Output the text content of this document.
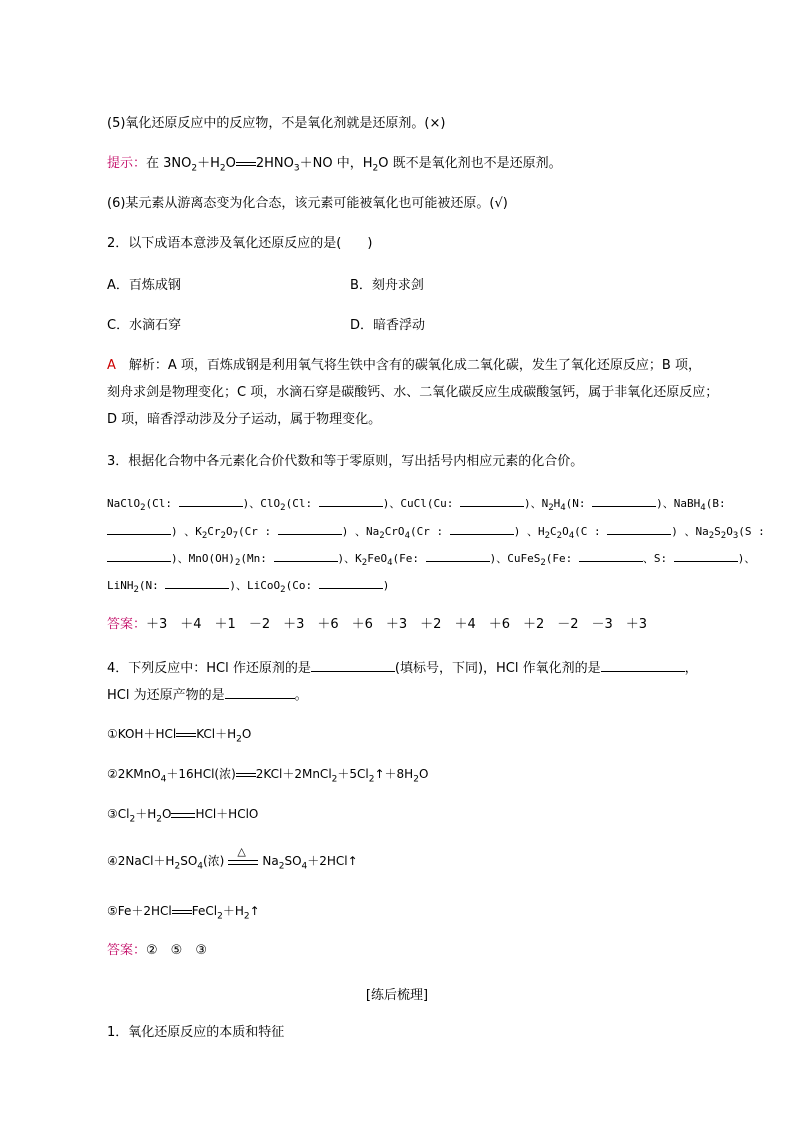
(5)氧化还原反应中的反应物，不是氧化剂就是还原剂。(×)
提示：在 $3NO_2+H_2O$ $2HNO_3+NO$ 中，$H_2O$ 既不是氧化剂也不是还原剂。
(6)某元素从游离态变为化合态，该元素可能被氧化也可能被还原。(√)
2．以下成语本意涉及氧化还原反应的是(　　)
A．百炼成钢	B．刻舟求剑
C．水滴石穿	D．暗香浮动
A　解析：A 项，百炼成钢是利用氧气将生铁中含有的碳氧化成二氧化碳，发生了氧化还原反应；B 项，
刻舟求剑是物理变化；C 项，水滴石穿是碳酸钙、水、二氧化碳反应生成碳酸氢钙，属于非氧化还原反应；
D 项，暗香浮动涉及分子运动，属于物理变化。
3．根据化合物中各元素化合价代数和等于零原则，写出括号内相应元素的化合价。
NaClO$_2$(Cl:	)、ClO$_2$(Cl:	)、CuCl(Cu:	)、$N_2H_4(N$:	)、NaBH$_4$(B:
) 、$K_2Cr_2O_7(Cr$ :	) 、$Na_2CrO_4(Cr$ :	) 、$H_2C_2O_4(C$ :	) 、$Na_2S_2O_3(S$ :
)、$MnO(OH)_2(Mn$:	)、$K_2FeO_4(Fe$:	)、CuFeS$_2$(Fe:	、S:	)、
LiNH$_2$(N:	)、LiCoO$_2$(Co:	)
答案：＋3　＋4　＋1　－2　＋3　＋6　＋6　＋3　＋2　＋4　＋6　＋2　－2　－3　＋3
4．下列反应中：HCl 作还原剂的是	(填标号，下同)，HCl 作氧化剂的是	，
HCl 为还原产物的是	。
①KOH＋HCl $KCl+H_2O$
②2KMnO$_4$＋16HCl(浓) $2KCl+2MnCl_2+5Cl_2↑+8H_2O$
$③Cl_2+H_2O$ HCl＋HClO
$④2NaCl+H_2SO_4$(浓)
△
$Na_2SO_4+2HCl↑$
⑤Fe＋2HCl $FeCl_2+H_2↑$
答案：②　⑤　③
[练后梳理]
1．氧化还原反应的本质和特征
